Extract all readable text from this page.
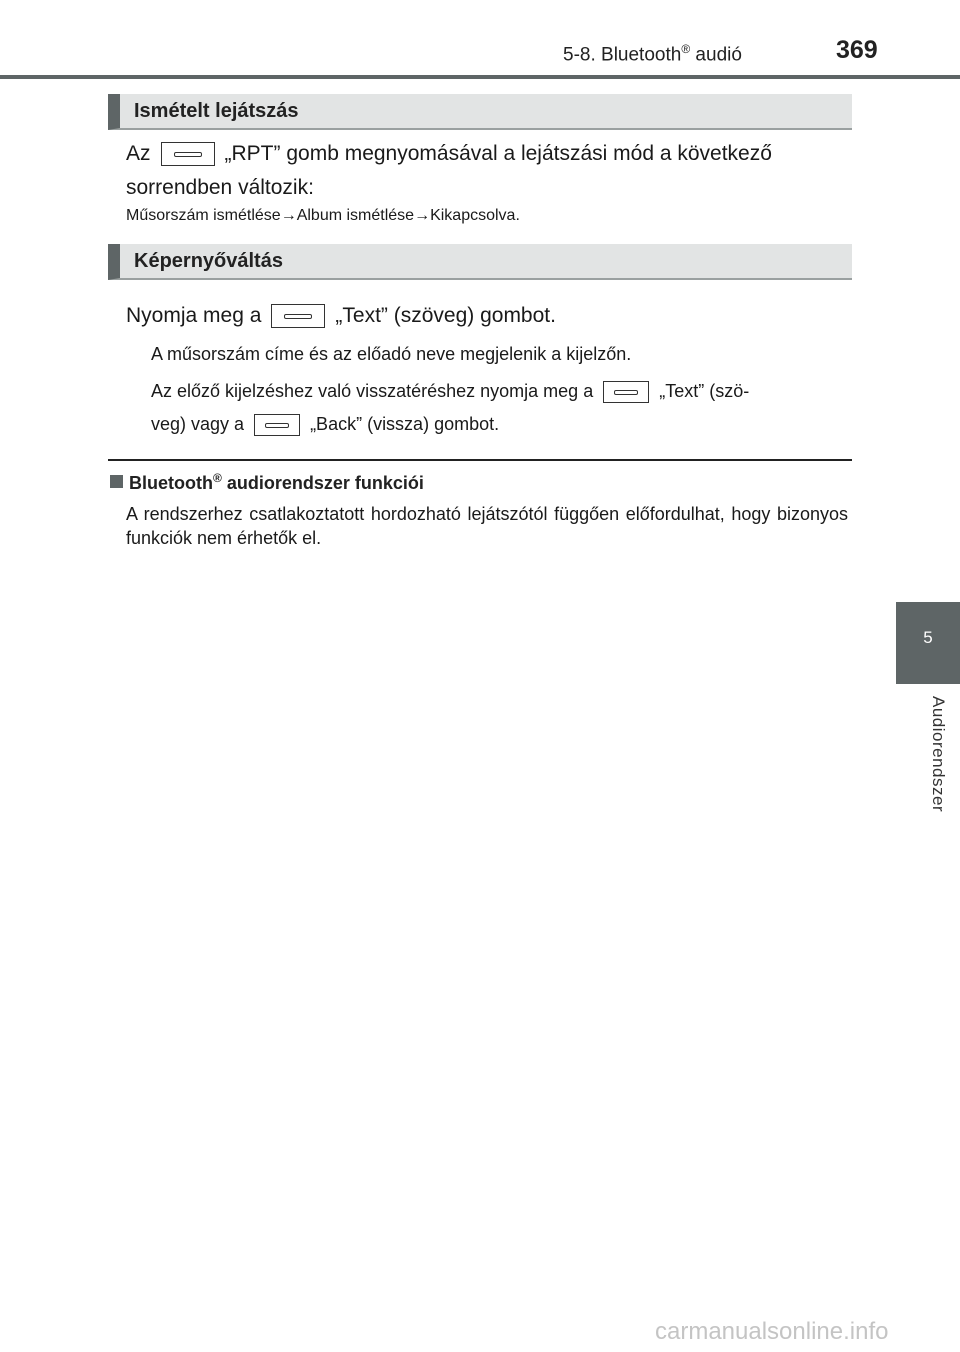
5-8. Bluetooth® audió	369
Ismételt lejátszás
Az	„RPT” gomb megnyomásával a lejátszási mód a következő
sorrendben változik:
Műsorszám ismétlése→Album ismétlése→Kikapcsolva.
Képernyőváltás
Nyomja meg a	„Text” (szöveg) gombot.
A műsorszám címe és az előadó neve megjelenik a kijelzőn.
Az előző kijelzéshez való visszatéréshez nyomja meg a	„Text” (szö-
veg) vagy a	„Back” (vissza) gombot.
Bluetooth® audiorendszer funkciói
A rendszerhez csatlakoztatott hordozható lejátszótól függően előfordulhat, hogy bizonyos funkciók nem érhetők el.
5
Audiorendszer
carmanualsonline.info
